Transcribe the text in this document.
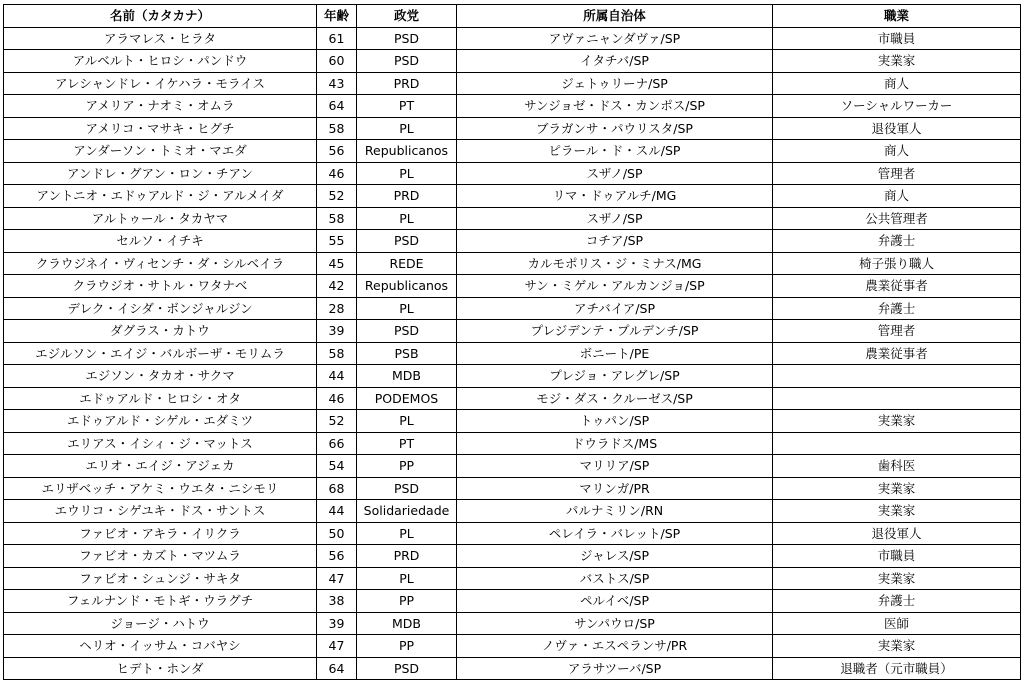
名前（カタカナ）	年齢	政党	所属自治体	職業
アラマレス・ヒラタ	61	PSD	アヴァニャンダヴァ/SP	市職員
アルベルト・ヒロシ・パンドウ	60	PSD	イタチバ/SP	実業家
アレシャンドレ・イケハラ・モライス	43	PRD	ジェトゥリーナ/SP	商人
アメリア・ナオミ・オムラ	64	PT	サンジョゼ・ドス・カンポス/SP	ソーシャルワーカー
アメリコ・マサキ・ヒグチ	58	PL	ブラガンサ・パウリスタ/SP	退役軍人
アンダーソン・トミオ・マエダ	56	Republicanos	ピラール・ド・スル/SP	商人
アンドレ・グアン・ロン・チアン	46	PL	スザノ/SP	管理者
アントニオ・エドゥアルド・ジ・アルメイダ	52	PRD	リマ・ドゥアルチ/MG	商人
アルトゥール・タカヤマ	58	PL	スザノ/SP	公共管理者
セルソ・イチキ	55	PSD	コチア/SP	弁護士
クラウジネイ・ヴィセンチ・ダ・シルベイラ	45	REDE	カルモポリス・ジ・ミナス/MG	椅子張り職人
クラウジオ・サトル・ワタナベ	42	Republicanos	サン・ミゲル・アルカンジョ/SP	農業従事者
デレク・イシダ・ボンジャルジン	28	PL	アチバイア/SP	弁護士
ダグラス・カトウ	39	PSD	プレジデンテ・プルデンチ/SP	管理者
エジルソン・エイジ・バルボーザ・モリムラ	58	PSB	ボニート/PE	農業従事者
エジソン・タカオ・サクマ	44	MDB	プレジョ・アレグレ/SP	
エドゥアルド・ヒロシ・オタ	46	PODEMOS	モジ・ダス・クルーゼス/SP	
エドゥアルド・シゲル・エダミツ	52	PL	トゥパン/SP	実業家
エリアス・イシィ・ジ・マットス	66	PT	ドウラドス/MS	
エリオ・エイジ・アジェカ	54	PP	マリリア/SP	歯科医
エリザベッチ・アケミ・ウエタ・ニシモリ	68	PSD	マリンガ/PR	実業家
エウリコ・シゲユキ・ドス・サントス	44	Solidariedade	パルナミリン/RN	実業家
ファビオ・アキラ・イリクラ	50	PL	ペレイラ・バレット/SP	退役軍人
ファビオ・カズト・マツムラ	56	PRD	ジャレス/SP	市職員
ファビオ・シュンジ・サキタ	47	PL	バストス/SP	実業家
フェルナンド・モトギ・ウラグチ	38	PP	ペルイベ/SP	弁護士
ジョージ・ハトウ	39	MDB	サンパウロ/SP	医師
ヘリオ・イッサム・コバヤシ	47	PP	ノヴァ・エスペランサ/PR	実業家
ヒデト・ホンダ	64	PSD	アラサツーバ/SP	退職者（元市職員）
